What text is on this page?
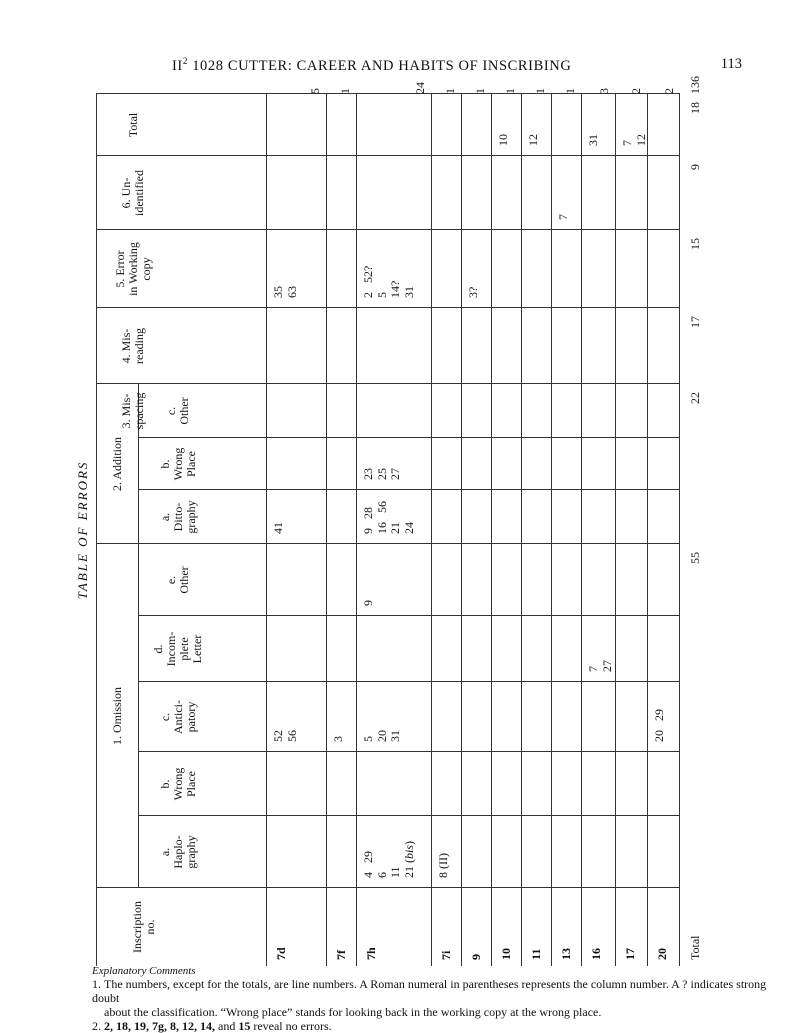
$II^2$ 1028 CUTTER: CAREER AND HABITS OF INSCRIBING	113
TABLE OF ERRORS
1. Omission
2. Addition
3. Mis-
spacing
4. Mis-
reading
5. Error
in Working
copy
6. Un-
identified
Total
Inscription
no.
a.
Haplo-
graphy
b.
Wrong
Place
c.
Antici-
patory
d.
Incom-
plete
Letter
e.
Other
a.
Ditto-
graphy
b.
Wrong
Place
c.
Other
7d
52
56
41
35
63
5
7f
3
1
7h
4   29
6
11
21 (bis)
5
20
31
9
9   28
16   56
21
24
23
25
27
2   52?
5
14?
31
24
7i
8 (II)
1
9
3?
1
10
10
1
11
12
1
13
7
1
16
7
27
31
3
17
7
12
2
20
20   29
2
Total
55
22
17
15
9
18
136
Explanatory Comments
1. The numbers, except for the totals, are line numbers. A Roman numeral in parentheses represents the column number. A ? indicates strong doubt
about the classification. “Wrong place” stands for looking back in the working copy at the wrong place.
2. 2, 18, 19, 7g, 8, 12, 14, and 15 reveal no errors.
